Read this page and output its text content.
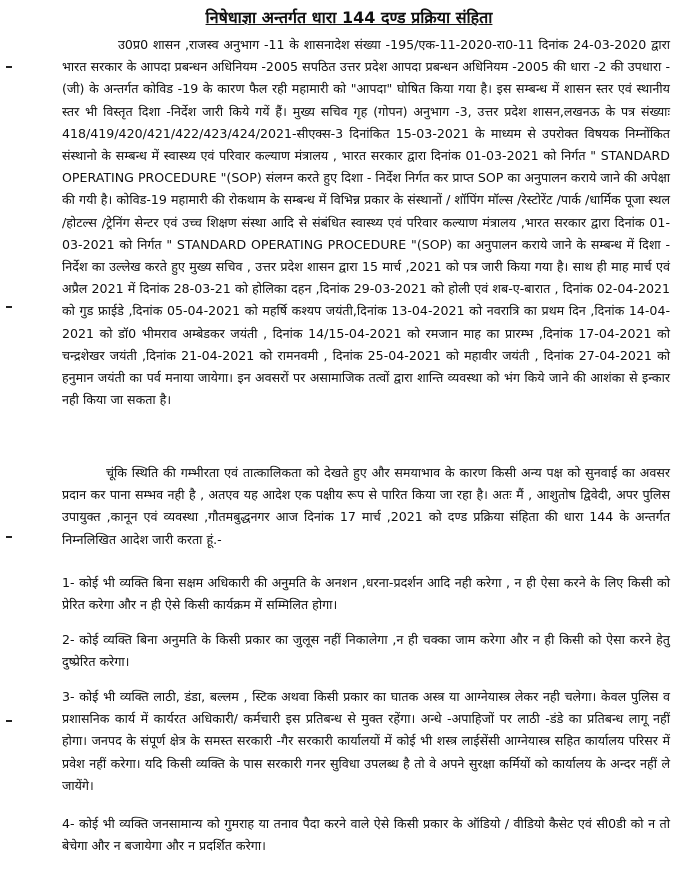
निषेधाज्ञा अन्तर्गत धारा 144 दण्ड प्रक्रिया संहिता
उ0प्र0 शासन ,राजस्व अनुभाग -11 के शासनादेश संख्या -195/एक-11-2020-रा0-11 दिनांक 24-03-2020 द्वारा भारत सरकार के आपदा प्रबन्धन अधिनियम -2005 सपठित उत्तर प्रदेश आपदा प्रबन्धन अधिनियम -2005 की धारा -2 की उपधारा -(जी) के अन्तर्गत कोविड -19 के कारण फैल रही महामारी को "आपदा" घोषित किया गया है। इस सम्बन्ध में शासन स्तर एवं स्थानीय स्तर भी विस्तृत दिशा -निर्देश जारी किये गयें हैं। मुख्य सचिव गृह (गोपन) अनुभाग -3, उत्तर प्रदेश शासन,लखनऊ के पत्र संख्याः 418/419/420/421/422/423/424/2021-सीएक्स-3 दिनांकित 15-03-2021 के माध्यम से उपरोक्त विषयक निम्नोंकित संस्थानो के सम्बन्ध में स्वास्थ्य एवं परिवार कल्याण मंत्रालय , भारत सरकार द्वारा दिनांक 01-03-2021 को निर्गत " STANDARD OPERATING PROCEDURE "(SOP) संलग्न करते हुए दिशा - निर्देश निर्गत कर प्राप्त SOP का अनुपालन कराये जाने की अपेक्षा की गयी है। कोविड-19 महामारी की रोकथाम के सम्बन्ध में विभिन्न प्रकार के संस्थानों / शॉपिंग मॉल्स /रेस्टोरेंट /पार्क /धार्मिक पूजा स्थल /होटल्स /ट्रेनिंग सेन्टर एवं उच्च शिक्षण संस्था आदि से संबंधित स्वास्थ्य एवं परिवार कल्याण मंत्रालय ,भारत सरकार द्वारा दिनांक 01-03-2021 को निर्गत " STANDARD OPERATING PROCEDURE "(SOP) का अनुपालन कराये जाने के सम्बन्ध में दिशा - निर्देश का उल्लेख करते हुए मुख्य सचिव , उत्तर प्रदेश शासन द्वारा 15 मार्च ,2021 को पत्र जारी किया गया है। साथ ही माह मार्च एवं अप्रैल 2021 में दिनांक 28-03-21 को होलिका दहन ,दिनांक 29-03-2021 को होली एवं शब-ए-बारात , दिनांक 02-04-2021 को गुड फ्राईडे ,दिनांक 05-04-2021 को महर्षि कश्यप जयंती,दिनांक 13-04-2021 को नवरात्रि का प्रथम दिन ,दिनांक 14-04-2021 को डॉ0 भीमराव अम्बेडकर जयंती , दिनांक 14/15-04-2021 को रमजान माह का प्रारम्भ ,दिनांक 17-04-2021 को चन्द्रशेखर जयंती ,दिनांक 21-04-2021 को रामनवमी , दिनांक 25-04-2021 को महावीर जयंती , दिनांक 27-04-2021 को हनुमान जयंती का पर्व मनाया जायेगा। इन अवसरों पर असामाजिक तत्वों द्वारा शान्ति व्यवस्था को भंग किये जाने की आशंका से इन्कार नही किया जा सकता है।
चूंकि स्थिति की गम्भीरता एवं तात्कालिकता को देखते हुए और समयाभाव के कारण किसी अन्य पक्ष को सुनवाई का अवसर प्रदान कर पाना सम्भव नही है , अतएव यह आदेश एक पक्षीय रूप से पारित किया जा रहा है। अतः मैं , आशुतोष द्विवेदी, अपर पुलिस उपायुक्त ,कानून एवं व्यवस्था ,गौतमबुद्धनगर आज दिनांक 17 मार्च ,2021 को दण्ड प्रक्रिया संहिता की धारा 144 के अन्तर्गत निम्नलिखित आदेश जारी करता हूं.-
1- कोई भी व्यक्ति बिना सक्षम अधिकारी की अनुमति के अनशन ,धरना-प्रदर्शन आदि नही करेगा , न ही ऐसा करने के लिए किसी को प्रेरित करेगा और न ही ऐसे किसी कार्यक्रम में सम्मिलित होगा।
2- कोई व्यक्ति बिना अनुमति के किसी प्रकार का जुलूस नहीं निकालेगा ,न ही चक्का जाम करेगा और न ही किसी को ऐसा करने हेतु दुष्प्रेरित करेगा।
3- कोई भी व्यक्ति लाठी, डंडा, बल्लम , स्टिक अथवा किसी प्रकार का घातक अस्त्र या आग्नेयास्त्र लेकर नही चलेगा। केवल पुलिस व प्रशासनिक कार्य में कार्यरत अधिकारी/ कर्मचारी इस प्रतिबन्ध से मुक्त रहेंगा। अन्धे -अपाहिजों पर लाठी -डंडे का प्रतिबन्ध लागू नहीं होगा। जनपद के संपूर्ण क्षेत्र के समस्त सरकारी -गैर सरकारी कार्यालयों में कोई भी शस्त्र लाईसेंसी आग्नेयास्त्र सहित कार्यालय परिसर में प्रवेश नहीं करेगा। यदि किसी व्यक्ति के पास सरकारी गनर सुविधा उपलब्ध है तो वे अपने सुरक्षा कर्मियों को कार्यालय के अन्दर नहीं ले जायेंगे।
4- कोई भी व्यक्ति जनसामान्य को गुमराह या तनाव पैदा करने वाले ऐसे किसी प्रकार के ऑडियो / वीडियो कैसेट एवं सी0डी को न तो बेचेगा और न बजायेगा और न प्रदर्शित करेगा।
